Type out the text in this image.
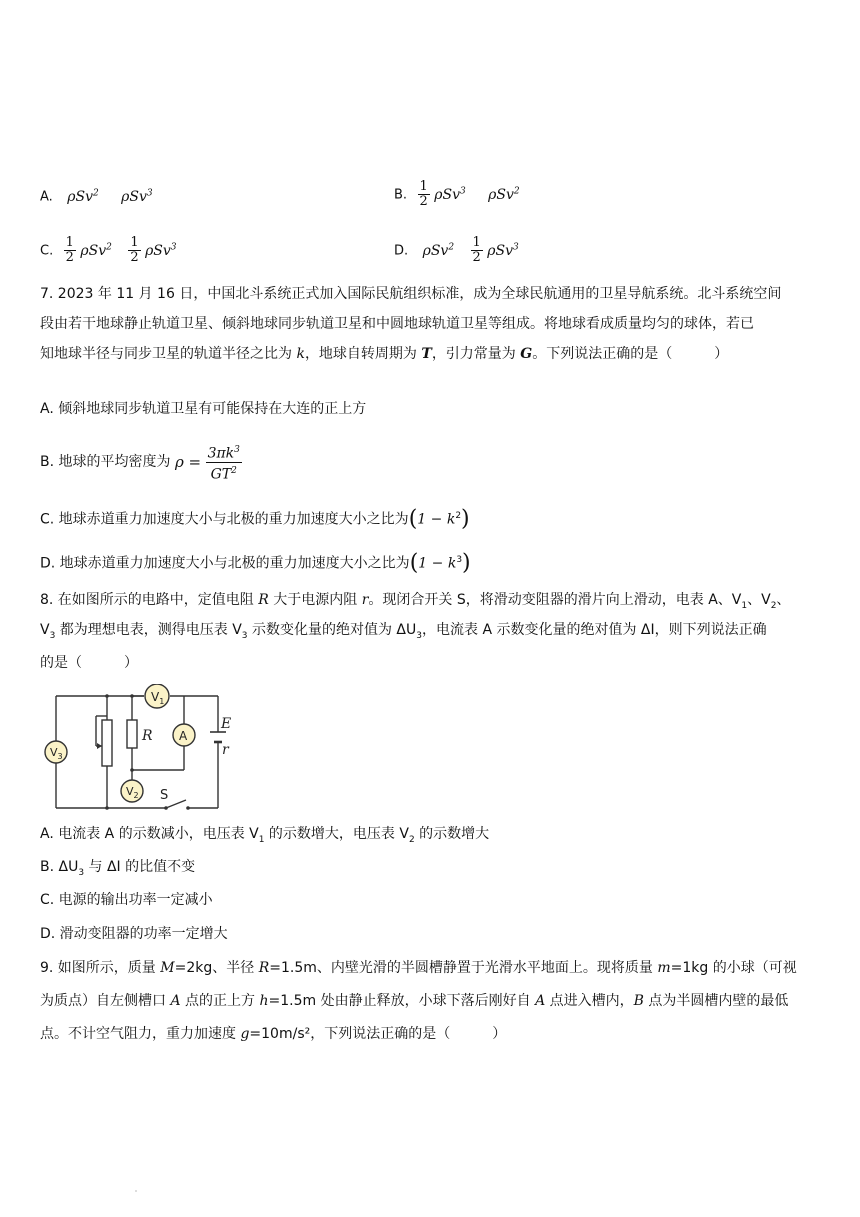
A. ρSv$^2$ ρSv$^3$	B. $\frac{1}{2} \rho Sv^3$ ρSv$^2$
C. $\frac{1}{2} \rho Sv^2 \frac{1}{2} \rho Sv^3$	D. $\rho Sv^2 \frac{1}{2} \rho Sv^3$
7. 2023 年 11 月 16 日，中国北斗系统正式加入国际民航组织标准，成为全球民航通用的卫星导航系统。北斗系统空间
段由若干地球静止轨道卫星、倾斜地球同步轨道卫星和中圆地球轨道卫星等组成。将地球看成质量均匀的球体，若已
知地球半径与同步卫星的轨道半径之比为 k，地球自转周期为 T，引力常量为 G。下列说法正确的是（　　　）
A. 倾斜地球同步轨道卫星有可能保持在大连的正上方
B. 地球的平均密度为 $\rho = \frac{3\pi k^3}{GT^2}$
C. 地球赤道重力加速度大小与北极的重力加速度大小之比为$(1 - k^2)$
D. 地球赤道重力加速度大小与北极的重力加速度大小之比为$(1 - k^3)$
8. 在如图所示的电路中，定值电阻 R 大于电源内阻 r。现闭合开关 S，将滑动变阻器的滑片向上滑动，电表 A、$V_1$、$V_2$、
$V_3$ 都为理想电表，测得电压表 $V_3$ 示数变化量的绝对值为 $\Delta U_3$，电流表 A 示数变化量的绝对值为 ΔI，则下列说法正确
的是（　　　）
$V_1$
$V_3$
A
$V_2$
R
E
r
S
A. 电流表 A 的示数减小，电压表 $V_1$ 的示数增大，电压表 $V_2$ 的示数增大
B. $\Delta U_3$ 与 ΔI 的比值不变
C. 电源的输出功率一定减小
D. 滑动变阻器的功率一定增大
9. 如图所示，质量 M=2kg、半径 R=1.5m、内壁光滑的半圆槽静置于光滑水平地面上。现将质量 m=1kg 的小球（可视
为质点）自左侧槽口 A 点的正上方 h=1.5m 处由静止释放，小球下落后刚好自 A 点进入槽内，B 点为半圆槽内壁的最低
点。不计空气阻力，重力加速度 g=10m/s²，下列说法正确的是（　　　）
